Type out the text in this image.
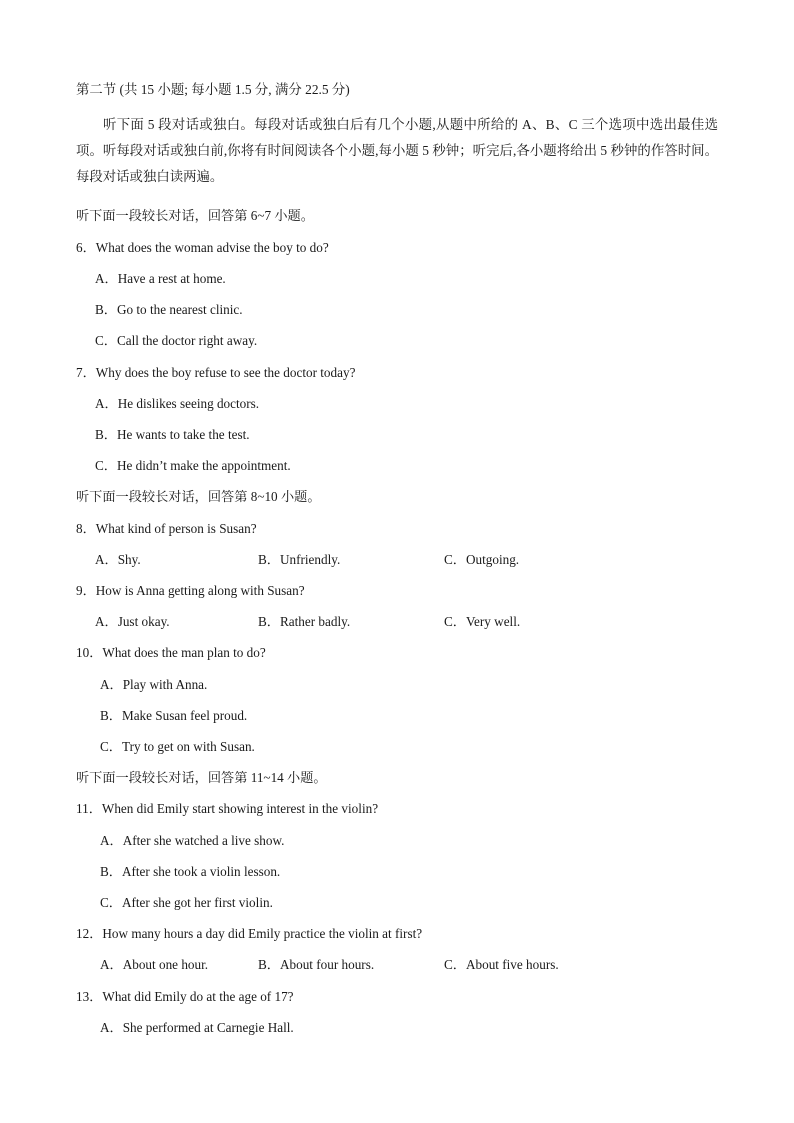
第二节 (共 15 小题; 每小题 1.5 分, 满分 22.5 分)

听下面 5 段对话或独白。每段对话或独白后有几个小题,从题中所给的 A、B、C 三个选项中选出最佳选项。听每段对话或独白前,你将有时间阅读各个小题,每小题 5 秒钟；听完后,各小题将给出 5 秒钟的作答时间。每段对话或独白读两遍。

听下面一段较长对话，回答第 6~7 小题。
6．What does the woman advise the boy to do?
A．Have a rest at home.
B．Go to the nearest clinic.
C．Call the doctor right away.
7．Why does the boy refuse to see the doctor today?
A．He dislikes seeing doctors.
B．He wants to take the test.
C．He didn’t make the appointment.
听下面一段较长对话，回答第 8~10 小题。
8．What kind of person is Susan?
A．Shy.	B．Unfriendly.	C．Outgoing.
9．How is Anna getting along with Susan?
A．Just okay.	B．Rather badly.	C．Very well.
10．What does the man plan to do?
A．Play with Anna.
B．Make Susan feel proud.
C．Try to get on with Susan.
听下面一段较长对话，回答第 11~14 小题。
11．When did Emily start showing interest in the violin?
A．After she watched a live show.
B．After she took a violin lesson.
C．After she got her first violin.
12．How many hours a day did Emily practice the violin at first?
A．About one hour.	B．About four hours.	C．About five hours.
13．What did Emily do at the age of 17?
A．She performed at Carnegie Hall.
